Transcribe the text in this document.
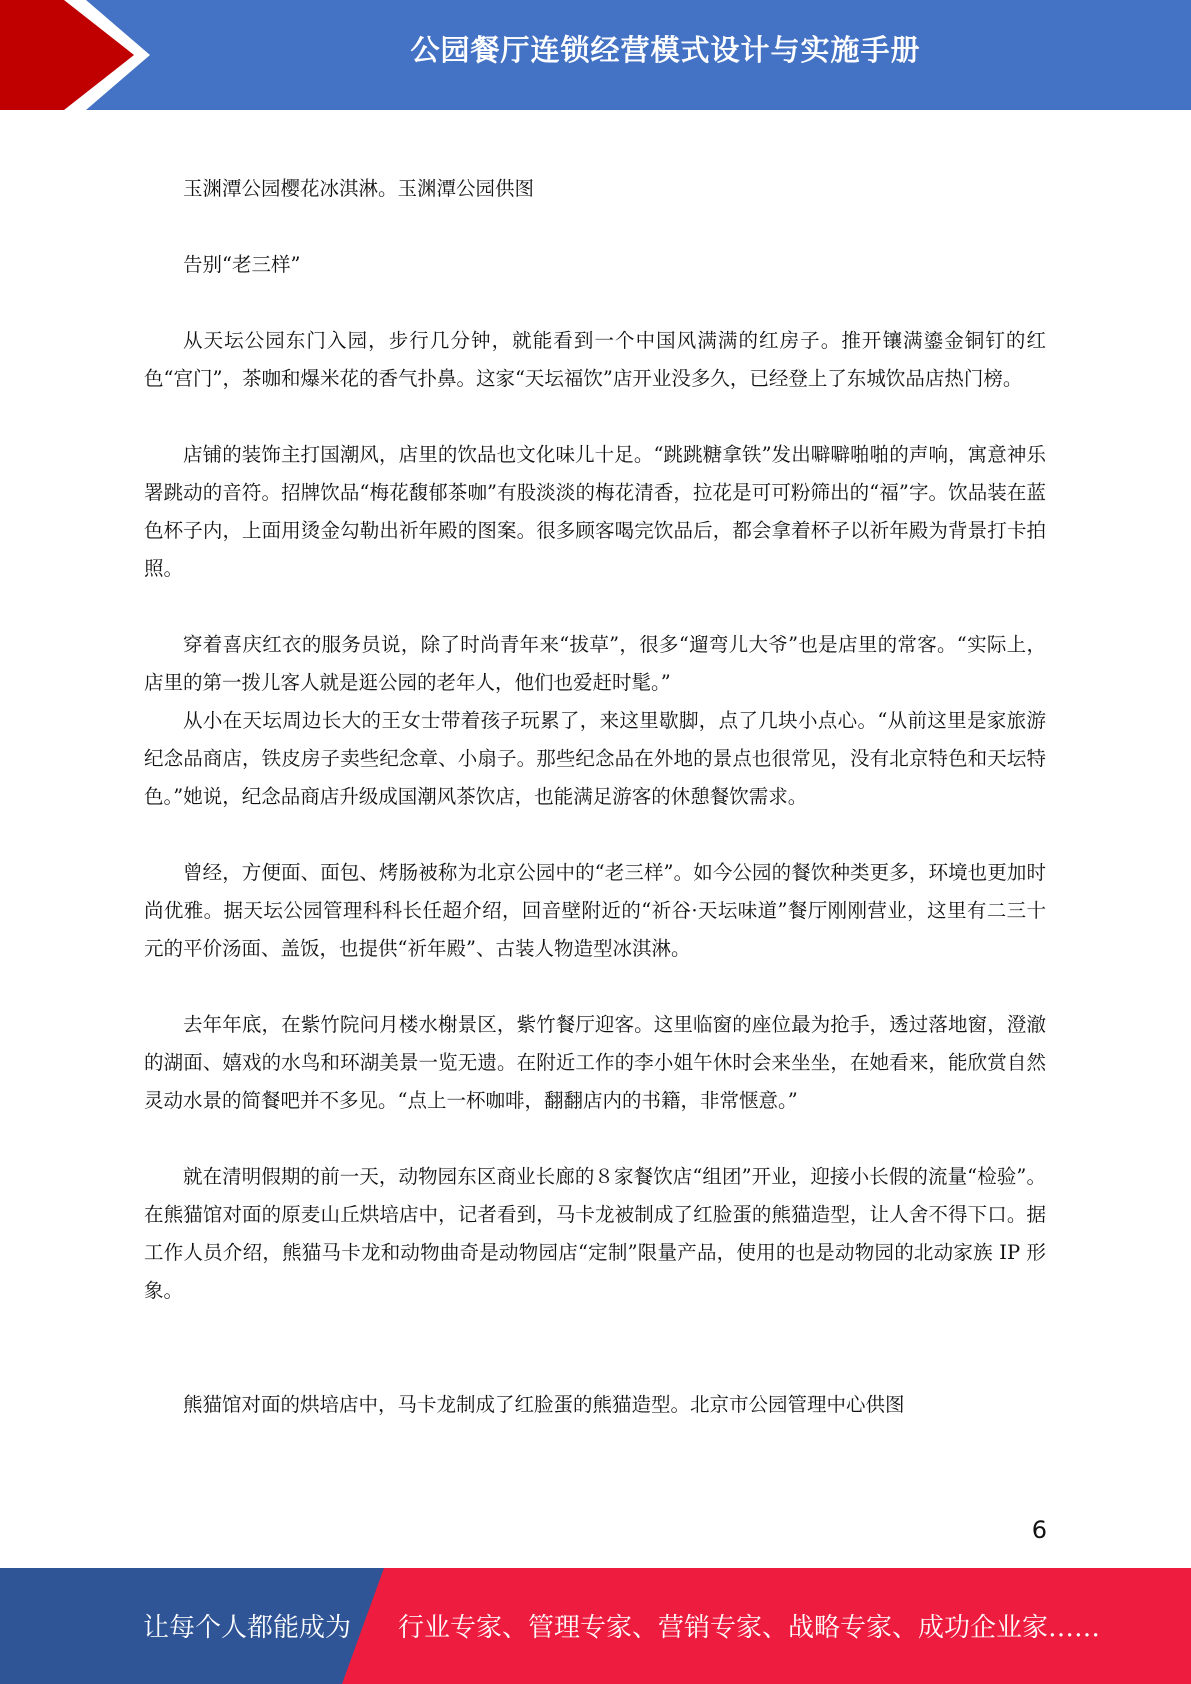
公园餐厅连锁经营模式设计与实施手册

玉渊潭公园樱花冰淇淋。玉渊潭公园供图

告别“老三样”

从天坛公园东门入园，步行几分钟，就能看到一个中国风满满的红房子。推开镶满鎏金铜钉的红色“宫门”，茶咖和爆米花的香气扑鼻。这家“天坛福饮”店开业没多久，已经登上了东城饮品店热门榜。

店铺的装饰主打国潮风，店里的饮品也文化味儿十足。“跳跳糖拿铁”发出噼噼啪啪的声响，寓意神乐署跳动的音符。招牌饮品“梅花馥郁茶咖”有股淡淡的梅花清香，拉花是可可粉筛出的“福”字。饮品装在蓝色杯子内，上面用烫金勾勒出祈年殿的图案。很多顾客喝完饮品后，都会拿着杯子以祈年殿为背景打卡拍照。

穿着喜庆红衣的服务员说，除了时尚青年来“拔草”，很多“遛弯儿大爷”也是店里的常客。“实际上，店里的第一拨儿客人就是逛公园的老年人，他们也爱赶时髦。”

从小在天坛周边长大的王女士带着孩子玩累了，来这里歇脚，点了几块小点心。“从前这里是家旅游纪念品商店，铁皮房子卖些纪念章、小扇子。那些纪念品在外地的景点也很常见，没有北京特色和天坛特色。”她说，纪念品商店升级成国潮风茶饮店，也能满足游客的休憩餐饮需求。

曾经，方便面、面包、烤肠被称为北京公园中的“老三样”。如今公园的餐饮种类更多，环境也更加时尚优雅。据天坛公园管理科科长任超介绍，回音壁附近的“祈谷·天坛味道”餐厅刚刚营业，这里有二三十元的平价汤面、盖饭，也提供“祈年殿”、古装人物造型冰淇淋。

去年年底，在紫竹院问月楼水榭景区，紫竹餐厅迎客。这里临窗的座位最为抢手，透过落地窗，澄澈的湖面、嬉戏的水鸟和环湖美景一览无遗。在附近工作的李小姐午休时会来坐坐，在她看来，能欣赏自然灵动水景的简餐吧并不多见。“点上一杯咖啡，翻翻店内的书籍，非常惬意。”

就在清明假期的前一天，动物园东区商业长廊的８家餐饮店“组团”开业，迎接小长假的流量“检验”。在熊猫馆对面的原麦山丘烘培店中，记者看到，马卡龙被制成了红脸蛋的熊猫造型，让人舍不得下口。据工作人员介绍，熊猫马卡龙和动物曲奇是动物园店“定制”限量产品，使用的也是动物园的北动家族 IP 形象。

熊猫馆对面的烘培店中，马卡龙制成了红脸蛋的熊猫造型。北京市公园管理中心供图

6
让每个人都能成为 行业专家、管理专家、营销专家、战略专家、成功企业家……
